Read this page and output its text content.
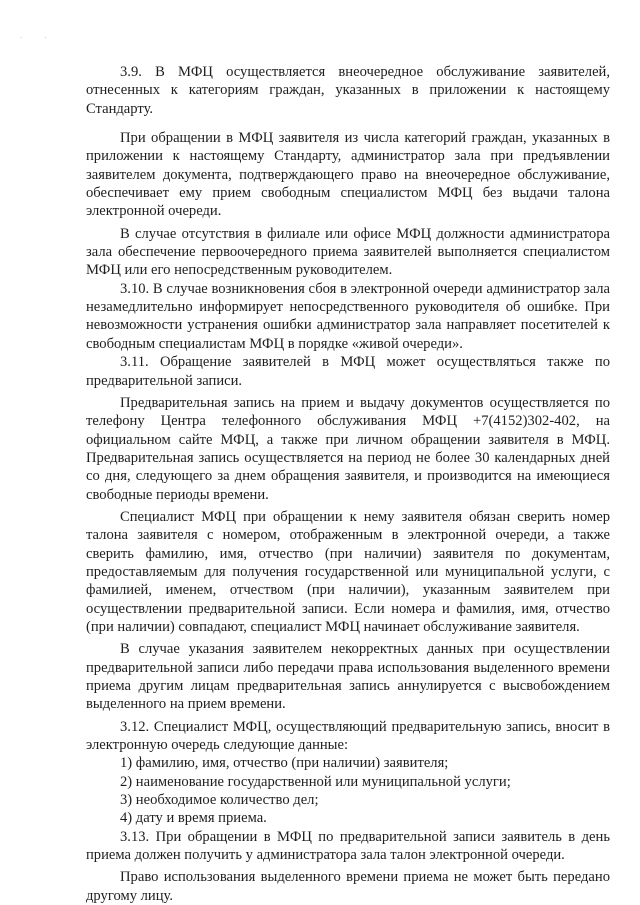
· ·

3.9. В МФЦ осуществляется внеочередное обслуживание заявителей, отнесенных к категориям граждан, указанных в приложении к настоящему Стандарту.

При обращении в МФЦ заявителя из числа категорий граждан, указанных в приложении к настоящему Стандарту, администратор зала при предъявлении заявителем документа, подтверждающего право на внеочередное обслуживание, обеспечивает ему прием свободным специалистом МФЦ без выдачи талона электронной очереди.

В случае отсутствия в филиале или офисе МФЦ должности администратора зала обеспечение первоочередного приема заявителей выполняется специалистом МФЦ или его непосредственным руководителем.

3.10. В случае возникновения сбоя в электронной очереди администратор зала незамедлительно информирует непосредственного руководителя об ошибке. При невозможности устранения ошибки администратор зала направляет посетителей к свободным специалистам МФЦ в порядке «живой очереди».

3.11. Обращение заявителей в МФЦ может осуществляться также по предварительной записи.

Предварительная запись на прием и выдачу документов осуществляется по телефону Центра телефонного обслуживания МФЦ +7(4152)302-402, на официальном сайте МФЦ, а также при личном обращении заявителя в МФЦ. Предварительная запись осуществляется на период не более 30 календарных дней со дня, следующего за днем обращения заявителя, и производится на имеющиеся свободные периоды времени.

Специалист МФЦ при обращении к нему заявителя обязан сверить номер талона заявителя с номером, отображенным в электронной очереди, а также сверить фамилию, имя, отчество (при наличии) заявителя по документам, предоставляемым для получения государственной или муниципальной услуги, с фамилией, именем, отчеством (при наличии), указанным заявителем при осуществлении предварительной записи. Если номера и фамилия, имя, отчество (при наличии) совпадают, специалист МФЦ начинает обслуживание заявителя.

В случае указания заявителем некорректных данных при осуществлении предварительной записи либо передачи права использования выделенного времени приема другим лицам предварительная запись аннулируется с высвобождением выделенного на прием времени.

3.12. Специалист МФЦ, осуществляющий предварительную запись, вносит в электронную очередь следующие данные:

1) фамилию, имя, отчество (при наличии) заявителя;

2) наименование государственной или муниципальной услуги;

3) необходимое количество дел;

4) дату и время приема.

3.13. При обращении в МФЦ по предварительной записи заявитель в день приема должен получить у администратора зала талон электронной очереди.

Право использования выделенного времени приема не может быть передано другому лицу.
